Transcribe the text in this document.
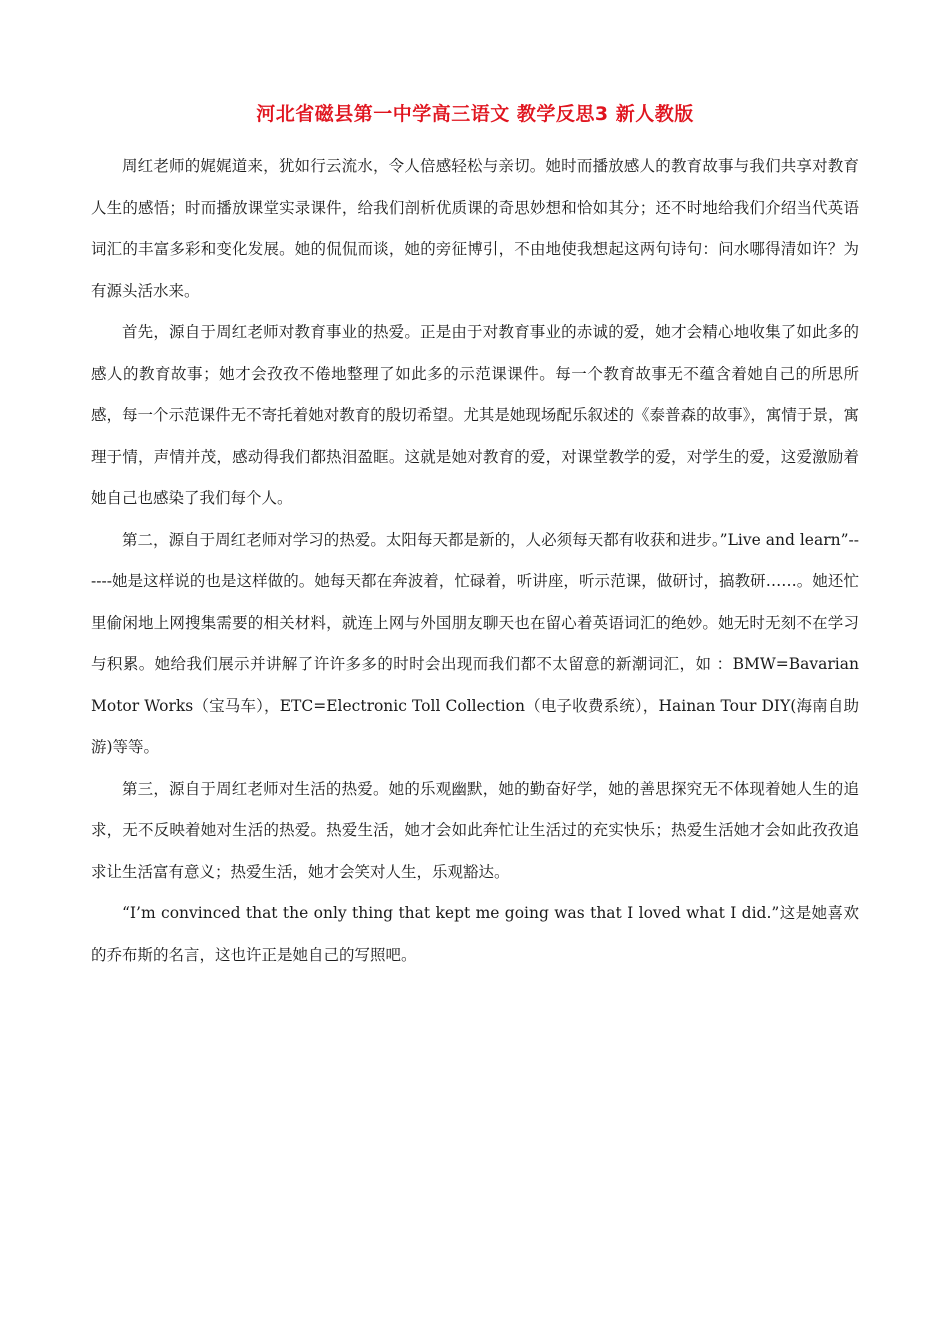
河北省磁县第一中学高三语文 教学反思3 新人教版

周红老师的娓娓道来，犹如行云流水，令人倍感轻松与亲切。她时而播放感人的教育故事与我们共享对教育人生的感悟；时而播放课堂实录课件，给我们剖析优质课的奇思妙想和恰如其分；还不时地给我们介绍当代英语词汇的丰富多彩和变化发展。她的侃侃而谈，她的旁征博引，不由地使我想起这两句诗句：问水哪得清如许？为有源头活水来。

首先，源自于周红老师对教育事业的热爱。正是由于对教育事业的赤诚的爱，她才会精心地收集了如此多的感人的教育故事；她才会孜孜不倦地整理了如此多的示范课课件。每一个教育故事无不蕴含着她自己的所思所感，每一个示范课件无不寄托着她对教育的殷切希望。尤其是她现场配乐叙述的《泰普森的故事》，寓情于景，寓理于情，声情并茂，感动得我们都热泪盈眶。这就是她对教育的爱，对课堂教学的爱，对学生的爱，这爱激励着她自己也感染了我们每个人。

第二，源自于周红老师对学习的热爱。太阳每天都是新的，人必须每天都有收获和进步。”Live and learn”------她是这样说的也是这样做的。她每天都在奔波着，忙碌着，听讲座，听示范课，做研讨，搞教研……。她还忙里偷闲地上网搜集需要的相关材料，就连上网与外国朋友聊天也在留心着英语词汇的绝妙。她无时无刻不在学习与积累。她给我们展示并讲解了许许多多的时时会出现而我们都不太留意的新潮词汇，如 ：BMW=Bavarian Motor Works（宝马车），ETC=Electronic Toll Collection（电子收费系统），Hainan Tour DIY(海南自助游)等等。

第三，源自于周红老师对生活的热爱。她的乐观幽默，她的勤奋好学，她的善思探究无不体现着她人生的追求，无不反映着她对生活的热爱。热爱生活，她才会如此奔忙让生活过的充实快乐；热爱生活她才会如此孜孜追求让生活富有意义；热爱生活，她才会笑对人生，乐观豁达。

“I’m convinced that the only thing that kept me going was that I loved what I did.”这是她喜欢的乔布斯的名言，这也许正是她自己的写照吧。
